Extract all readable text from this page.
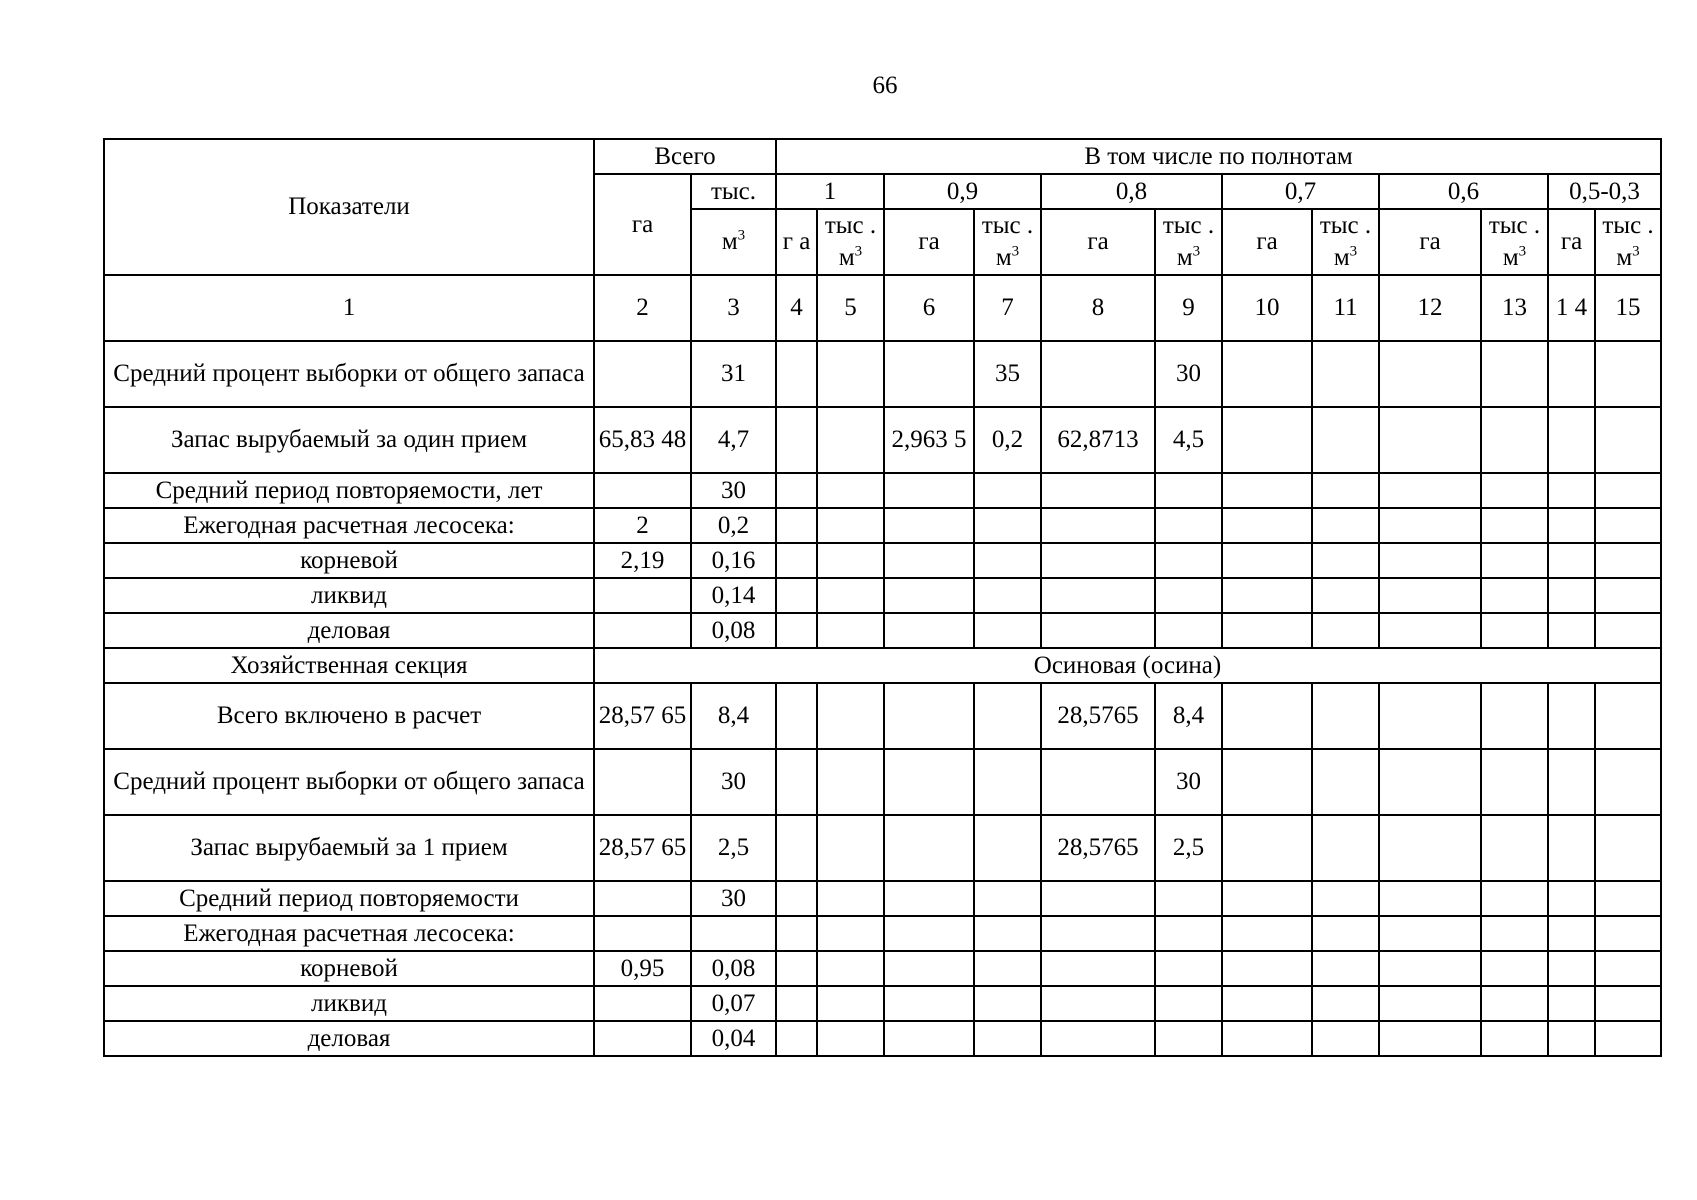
66
Показатели	Всего		В том числе по полнотам											
	га	тыс.	1		0,9		0,8		0,7		0,6		0,5-0,3	
		$м^3$	г а	тыс . $м^3$	га	тыс . $м^3$	га	тыс . $м^3$	га	тыс . $м^3$	га	тыс . $м^3$	га	тыс . $м^3$
1	2	3	4	5	6	7	8	9	10	11	12	13	1 4	15
Средний процент выборки от общего запаса		31				35		30						
Запас вырубаемый за один прием	65,83 48	4,7			2,963 5	0,2	62,8713	4,5						
Средний период повторяемости, лет		30												
Ежегодная расчетная лесосека:	2	0,2												
корневой	2,19	0,16												
ликвид		0,14												
деловая		0,08												
Хозяйственная секция	Осиновая (осина)													
Всего включено в расчет	28,57 65	8,4					28,5765	8,4						
Средний процент выборки от общего запаса		30						30						
Запас вырубаемый за 1 прием	28,57 65	2,5					28,5765	2,5						
Средний период повторяемости		30												
Ежегодная расчетная лесосека:														
корневой	0,95	0,08												
ликвид		0,07												
деловая		0,04												
